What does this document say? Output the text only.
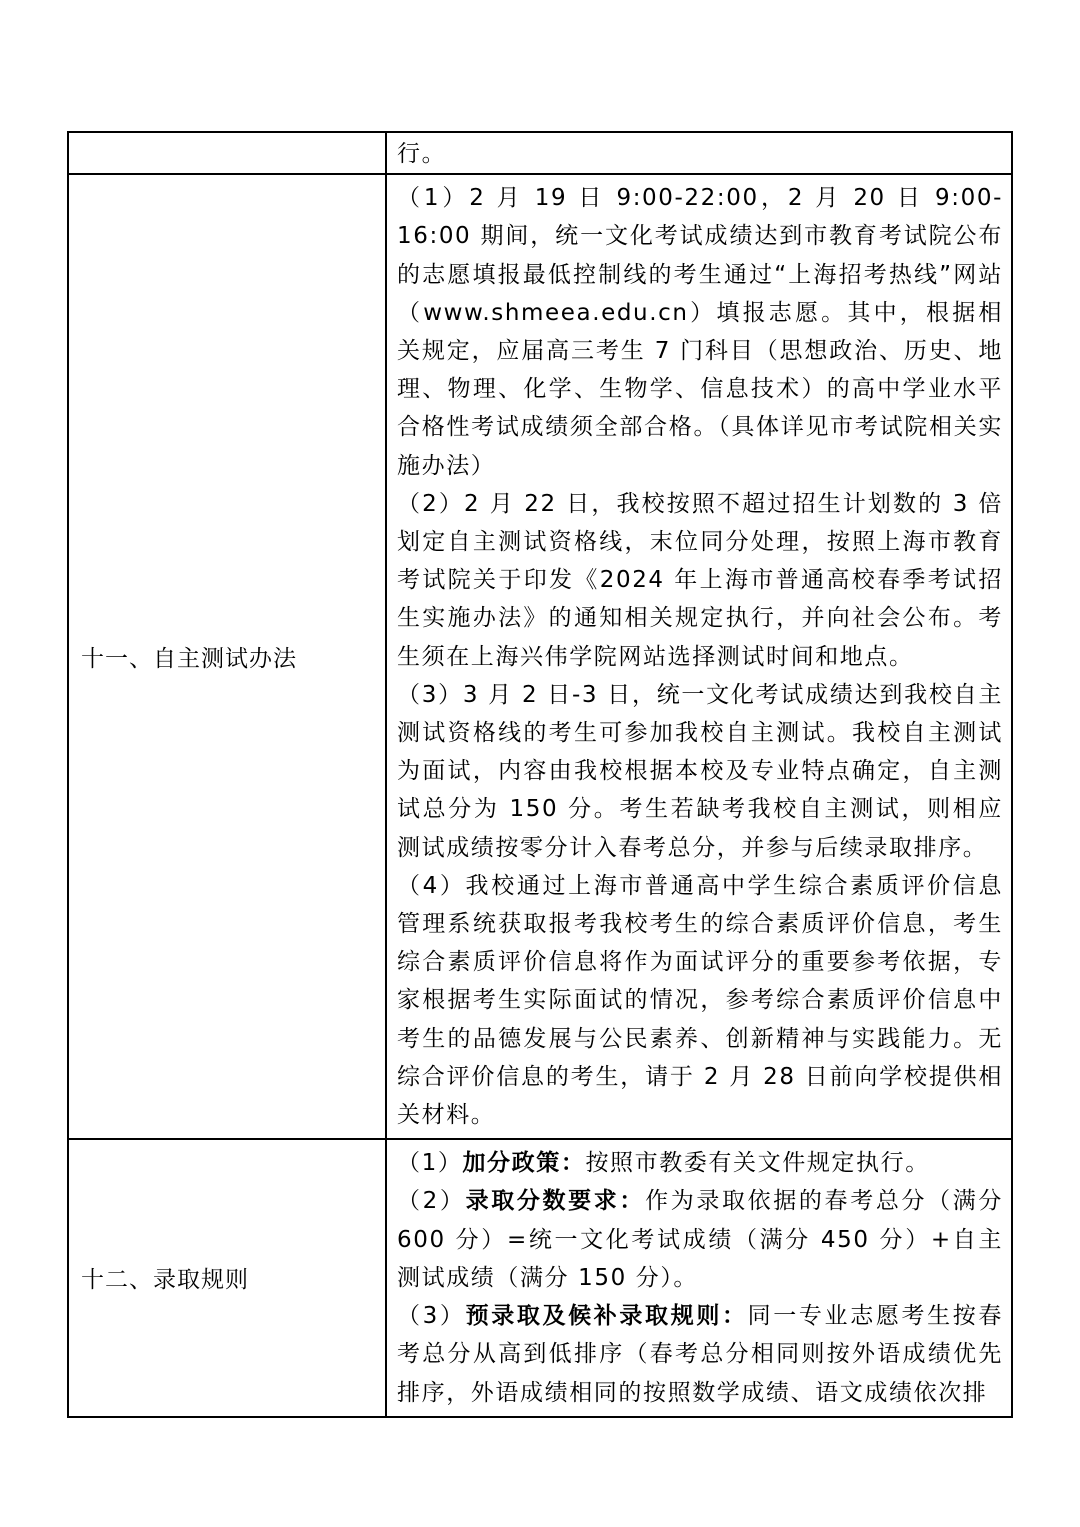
	行。

十一、自主测试办法	（1）2 月 19 日 9:00-22:00，2 月 20 日 9:00-16:00 期间，统一文化考试成绩达到市教育考试院公布的志愿填报最低控制线的考生通过“上海招考热线”网站（www.shmeea.edu.cn）填报志愿。其中，根据相关规定，应届高三考生 7 门科目（思想政治、历史、地理、物理、化学、生物学、信息技术）的高中学业水平合格性考试成绩须全部合格。（具体详见市考试院相关实施办法）

（2）2 月 22 日，我校按照不超过招生计划数的 3 倍划定自主测试资格线，末位同分处理，按照上海市教育考试院关于印发《2024 年上海市普通高校春季考试招生实施办法》的通知相关规定执行，并向社会公布。考生须在上海兴伟学院网站选择测试时间和地点。

（3）3 月 2 日-3 日，统一文化考试成绩达到我校自主测试资格线的考生可参加我校自主测试。我校自主测试为面试，内容由我校根据本校及专业特点确定，自主测试总分为 150 分。考生若缺考我校自主测试，则相应测试成绩按零分计入春考总分，并参与后续录取排序。

（4）我校通过上海市普通高中学生综合素质评价信息管理系统获取报考我校考生的综合素质评价信息，考生综合素质评价信息将作为面试评分的重要参考依据，专家根据考生实际面试的情况，参考综合素质评价信息中考生的品德发展与公民素养、创新精神与实践能力。无综合评价信息的考生，请于 2 月 28 日前向学校提供相关材料。

十二、录取规则	（1）加分政策：按照市教委有关文件规定执行。

（2）录取分数要求：作为录取依据的春考总分（满分 600 分）=统一文化考试成绩（满分 450 分）+自主测试成绩（满分 150 分）。

（3）预录取及候补录取规则：同一专业志愿考生按春考总分从高到低排序（春考总分相同则按外语成绩优先排序，外语成绩相同的按照数学成绩、语文成绩依次排
